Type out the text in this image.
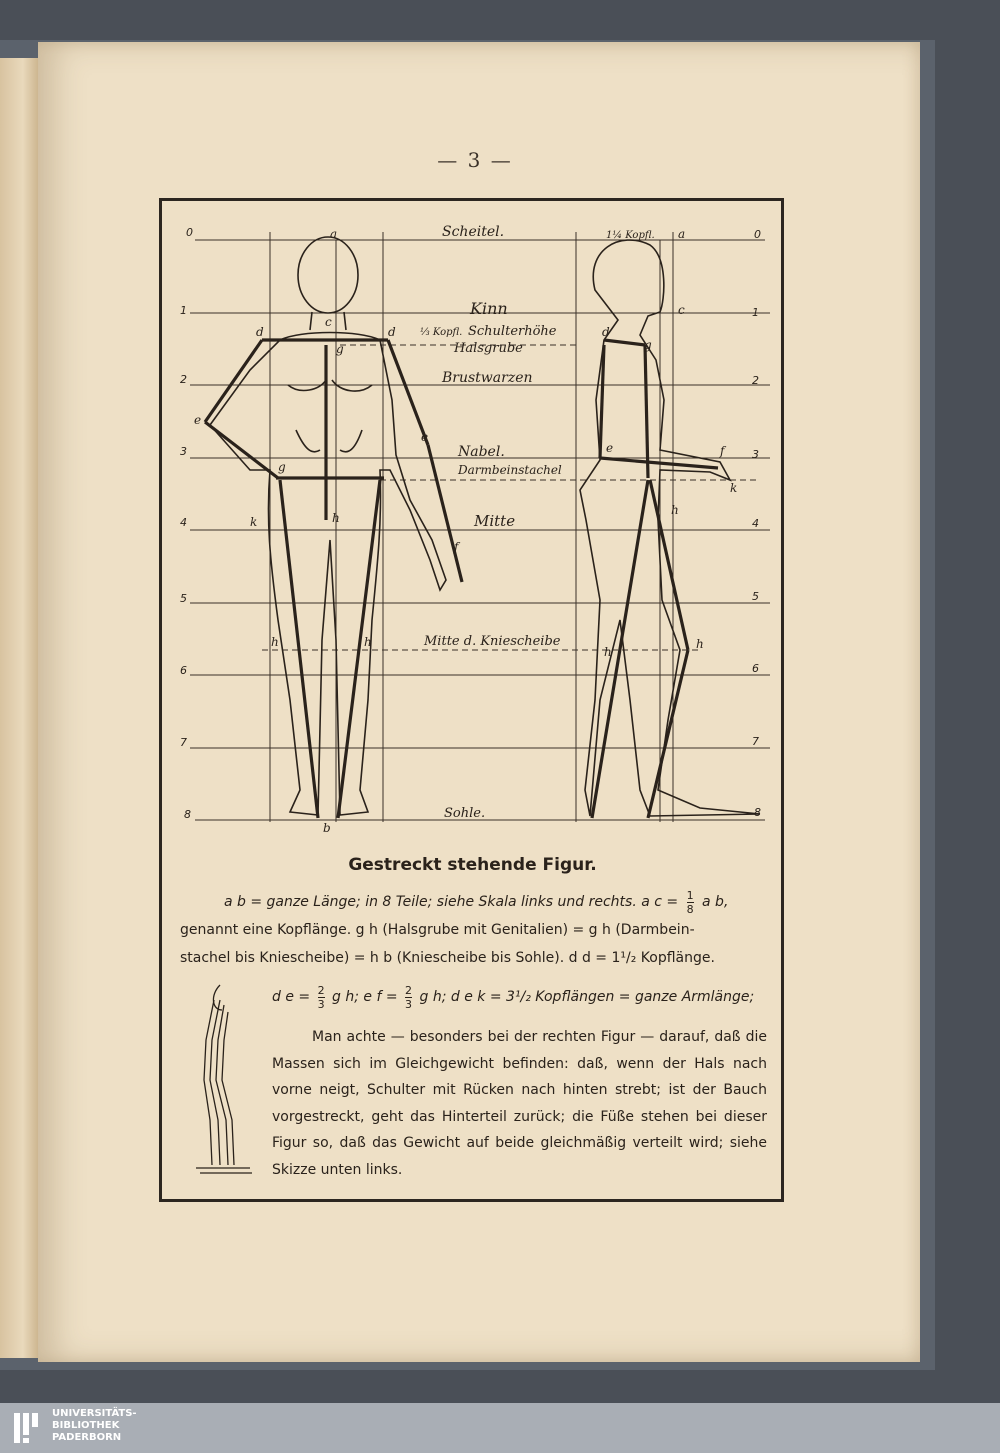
— 3 —
0
1
2
3
4
5
6
7
8
0
1
2
3
4
5
6
7
8
Scheitel.	1¼ Kopfl.
Kinn
⅓ Kopfl. Schulterhöhe
Halsgrube
Brustwarzen
Nabel.
Darmbeinstachel
Mitte
Mitte d. Kniescheibe
Sohle.
a	a
c
c
d	d	d
e
e
e
f
f
g
g
g
h
h
h	h
h
h
k
k
b
Gestreckt stehende Figur.
a b = ganze Länge; in 8 Teile; siehe Skala links und rechts. a $c = \frac{1}{8}$ a b,
genannt eine Kopflänge. g h (Halsgrube mit Genitalien) = g h (Darmbein-
stachel bis Kniescheibe) = h b (Kniescheibe bis Sohle). d d = 1¹/₂ Kopflänge.
d $e = \frac{2}{3}$ g h; e $f = \frac{2}{3}$ g h; d e k = 3¹/₂ Kopflängen = ganze Armlänge;
Man achte — besonders bei der rechten Figur — darauf, daß die Massen sich im Gleichgewicht befinden: daß, wenn der Hals nach vorne neigt, Schulter mit Rücken nach hinten strebt; ist der Bauch vorgestreckt, geht das Hinterteil zurück; die Füße stehen bei dieser Figur so, daß das Gewicht auf beide gleichmäßig verteilt wird; siehe Skizze unten links.
UNIVERSITÄTS-
BIBLIOTHEK
PADERBORN
